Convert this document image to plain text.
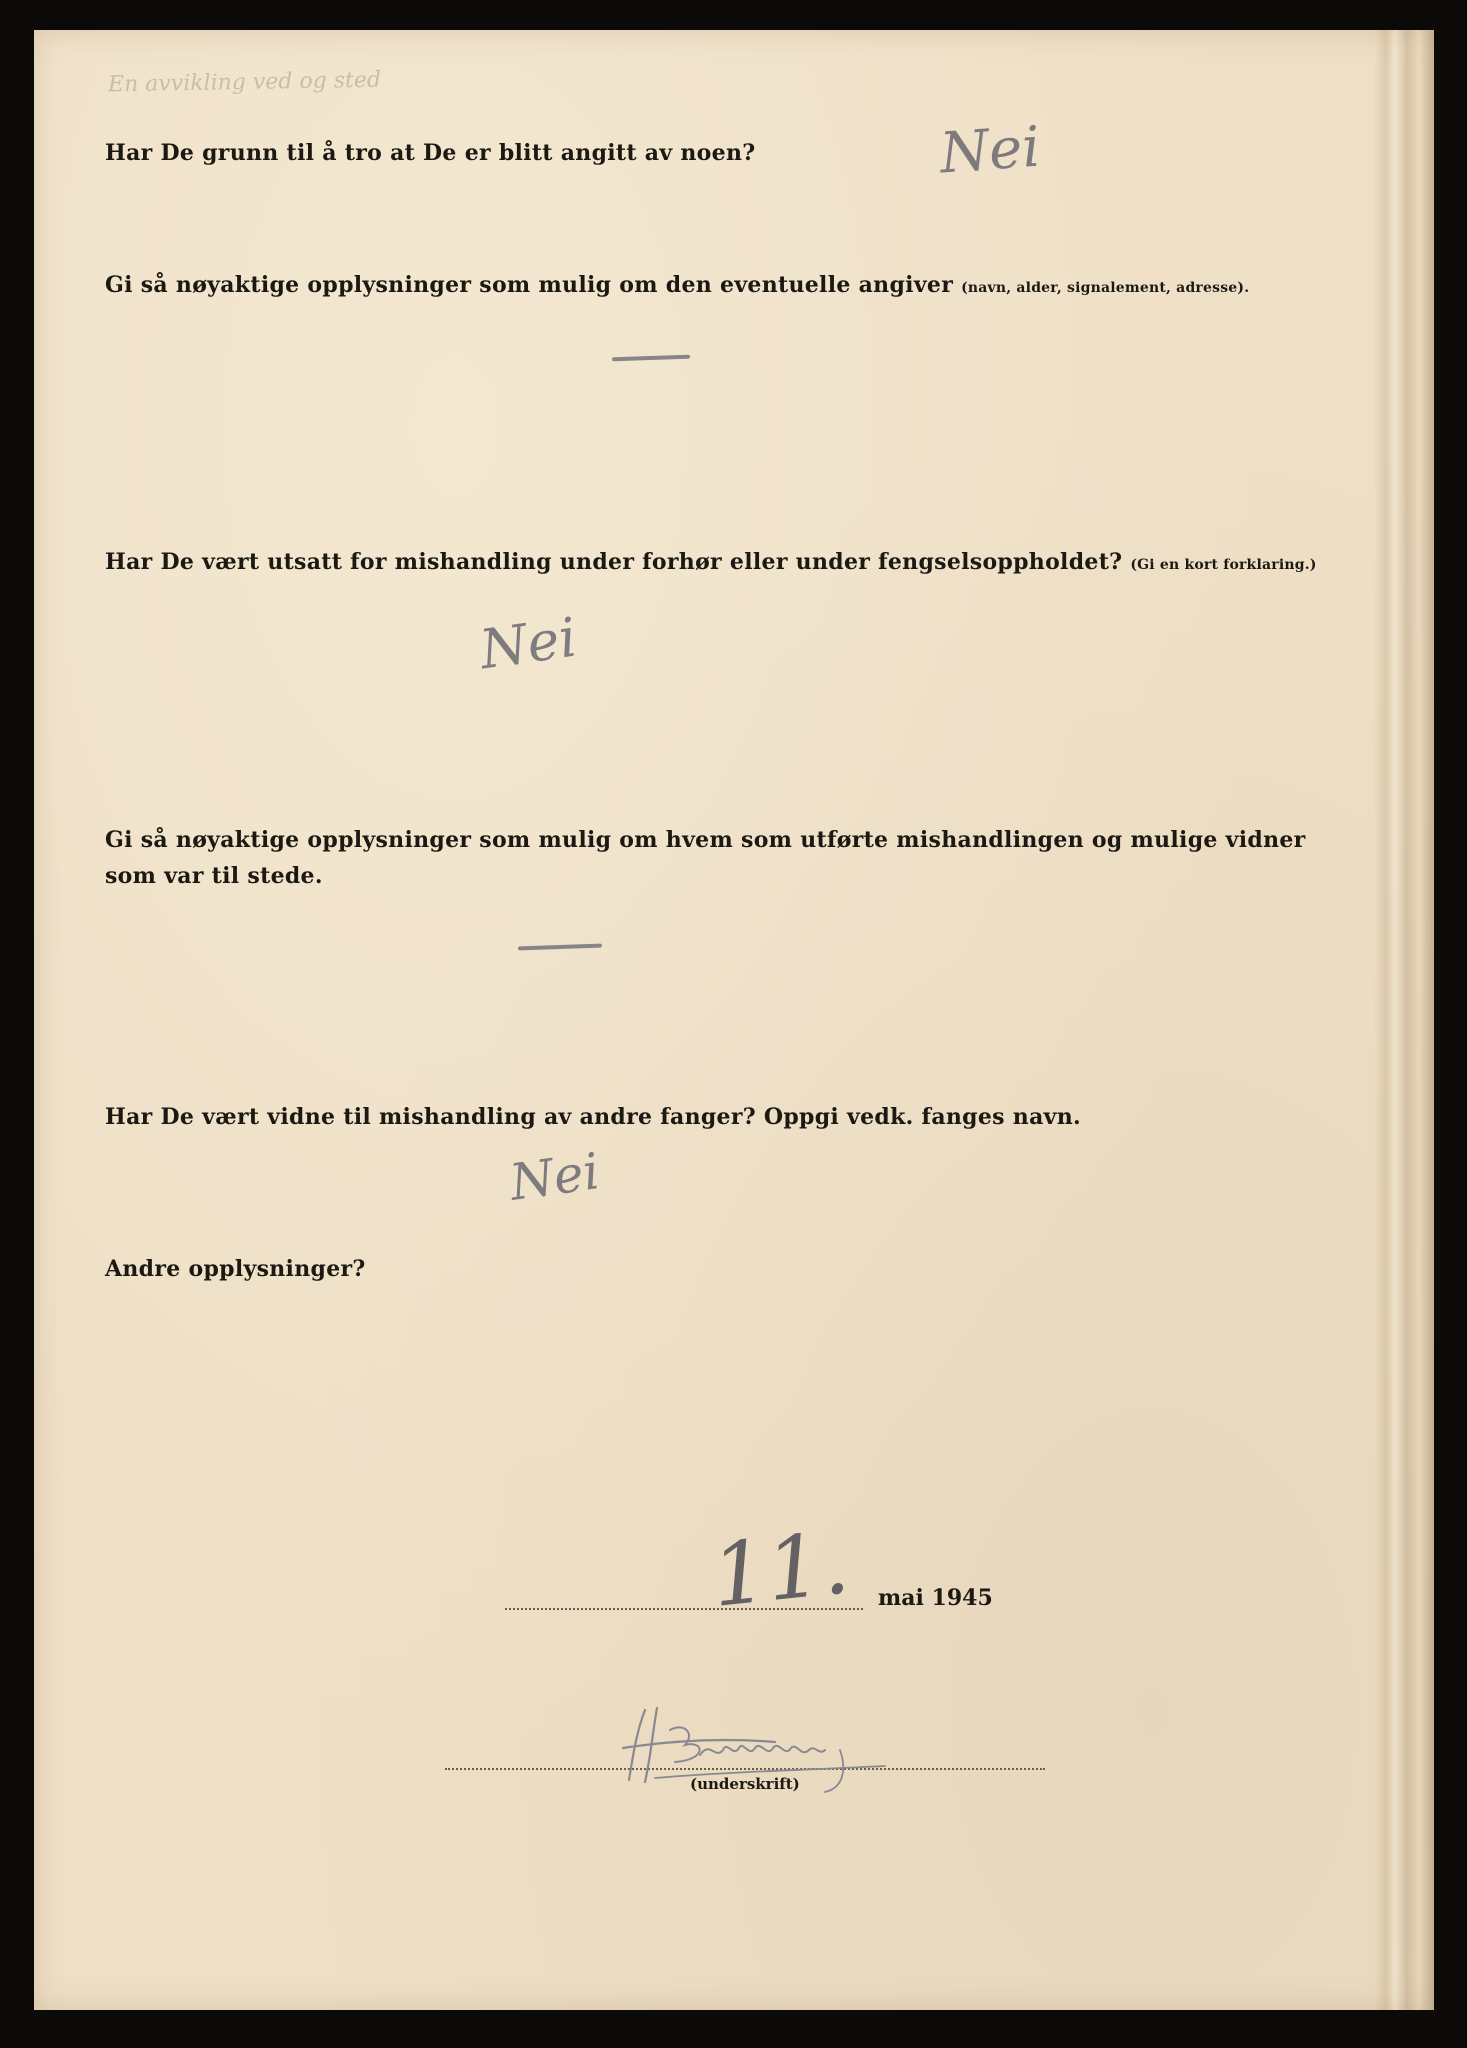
En avvikling ved og sted
Har De grunn til å tro at De er blitt angitt av noen?	Nei
Gi så nøyaktige opplysninger som mulig om den eventuelle angiver (navn, alder, signalement, adresse).
Har De vært utsatt for mishandling under forhør eller under fengselsoppholdet? (Gi en kort forklaring.)
Nei
Gi så nøyaktige opplysninger som mulig om hvem som utførte mishandlingen og mulige vidner som var til stede.
Har De vært vidne til mishandling av andre fanger? Oppgi vedk. fanges navn.
Nei
Andre opplysninger?
11. mai 1945
(underskrift)
